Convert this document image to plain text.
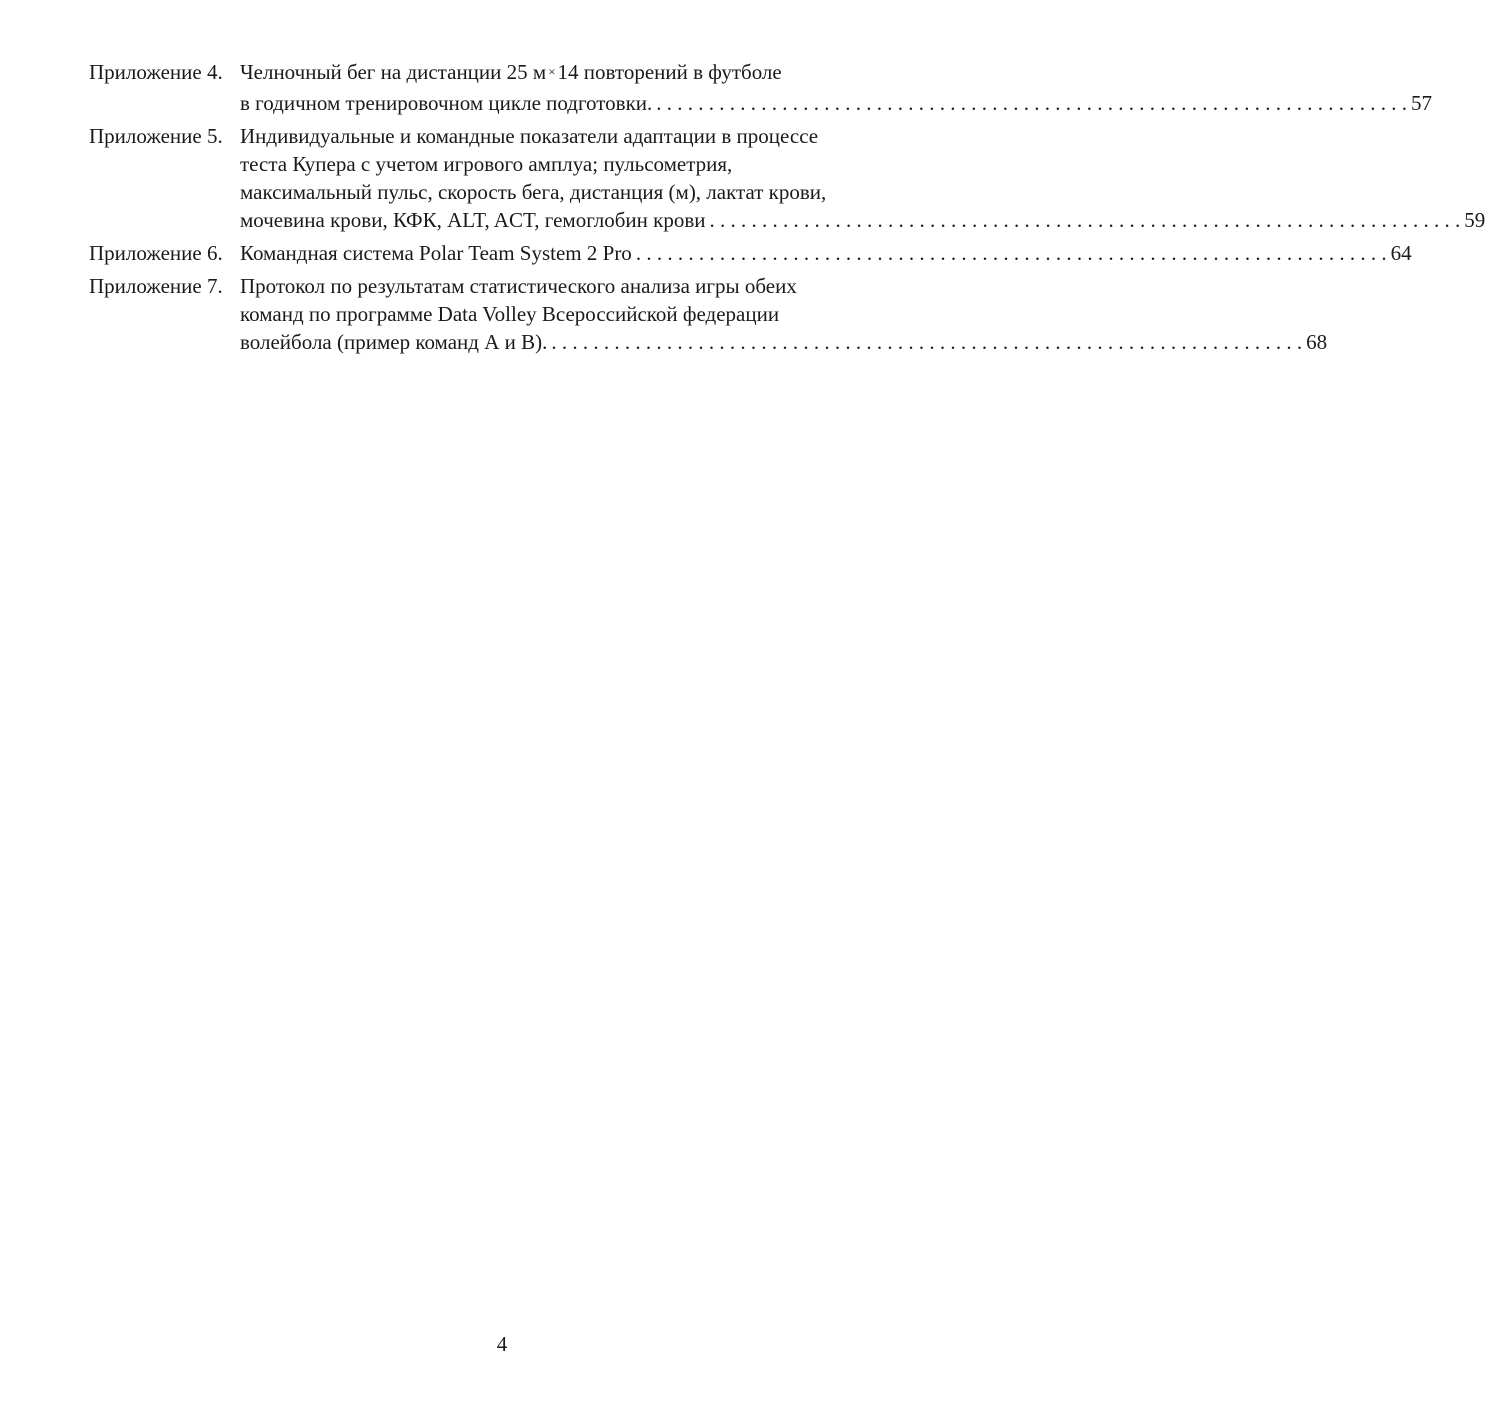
Приложение 4. Челночный бег на дистанции 25 м ×14 повторений в футболе
в годичном тренировочном цикле подготовки. . . .	57
Приложение 5. Индивидуальные и командные показатели адаптации в процессе
теста Купера с учетом игрового амплуа; пульсометрия,
максимальный пульс, скорость бега, дистанция (м), лактат крови,
мочевина крови, КФК, ALT, ACT, гемоглобин крови . . .	59
Приложение 6. Командная система Polar Team System 2 Pro . . .	64
Приложение 7. Протокол по результатам статистического анализа игры обеих
команд по программе Data Volley Всероссийской федерации
волейбола (пример команд А и В). . . .	68
4
